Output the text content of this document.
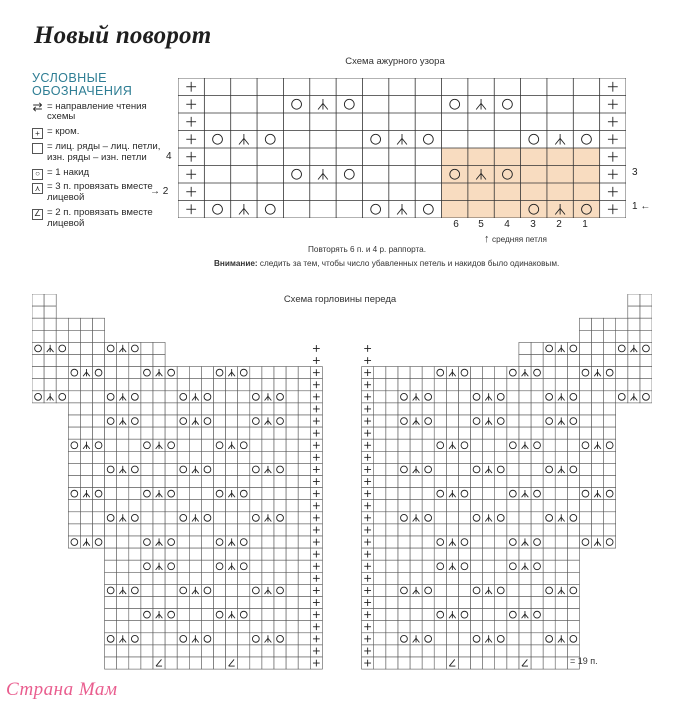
Новый поворот
УСЛОВНЫЕ ОБОЗНАЧЕНИЯ
⇄ = направление чтения схемы
+ = кром.
= лиц. ряды – лиц. петли, изн. ряды – изн. петли
○ = 1 накид
⋏ = 3 п. провязать вместе лицевой
∠ = 2 п. провязать вместе лицевой
Схема ажурного узора
4
→ 2
3
1 ←
6	5	4	3	2	1
↑ средняя петля
Повторять 6 п. и 4 р. раппорта.
Внимание: следить за тем, чтобы число убавленных петель и накидов было одинаковым.
Схема горловины переда
= 19 п.
Страна Мам
